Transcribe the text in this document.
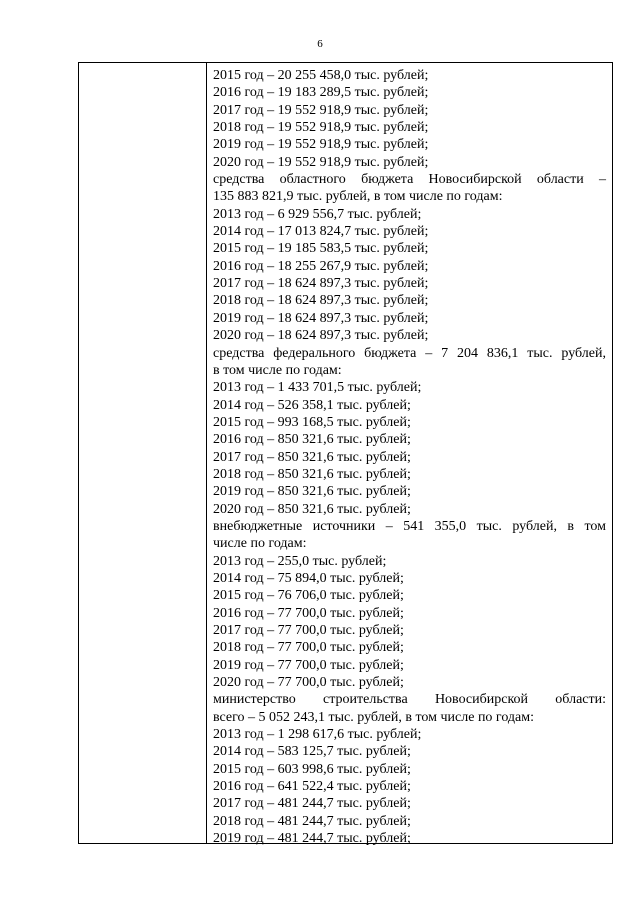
6
2015 год – 20 255 458,0 тыс. рублей;
2016 год – 19 183 289,5 тыс. рублей;
2017 год – 19 552 918,9 тыс. рублей;
2018 год – 19 552 918,9 тыс. рублей;
2019 год – 19 552 918,9 тыс. рублей;
2020 год – 19 552 918,9 тыс. рублей;
средства областного бюджета Новосибирской области –
135 883 821,9 тыс. рублей, в том числе по годам:
2013 год – 6 929 556,7 тыс. рублей;
2014 год – 17 013 824,7 тыс. рублей;
2015 год – 19 185 583,5 тыс. рублей;
2016 год – 18 255 267,9 тыс. рублей;
2017 год – 18 624 897,3 тыс. рублей;
2018 год – 18 624 897,3 тыс. рублей;
2019 год – 18 624 897,3 тыс. рублей;
2020 год – 18 624 897,3 тыс. рублей;
средства федерального бюджета – 7 204 836,1 тыс. рублей,
в том числе по годам:
2013 год – 1 433 701,5 тыс. рублей;
2014 год – 526 358,1 тыс. рублей;
2015 год – 993 168,5 тыс. рублей;
2016 год – 850 321,6 тыс. рублей;
2017 год – 850 321,6 тыс. рублей;
2018 год – 850 321,6 тыс. рублей;
2019 год – 850 321,6 тыс. рублей;
2020 год – 850 321,6 тыс. рублей;
внебюджетные источники – 541 355,0 тыс. рублей, в том
числе по годам:
2013 год – 255,0 тыс. рублей;
2014 год – 75 894,0 тыс. рублей;
2015 год – 76 706,0 тыс. рублей;
2016 год – 77 700,0 тыс. рублей;
2017 год – 77 700,0 тыс. рублей;
2018 год – 77 700,0 тыс. рублей;
2019 год – 77 700,0 тыс. рублей;
2020 год – 77 700,0 тыс. рублей;
министерство строительства Новосибирской области:
всего – 5 052 243,1 тыс. рублей, в том числе по годам:
2013 год – 1 298 617,6 тыс. рублей;
2014 год – 583 125,7 тыс. рублей;
2015 год – 603 998,6 тыс. рублей;
2016 год – 641 522,4 тыс. рублей;
2017 год – 481 244,7 тыс. рублей;
2018 год – 481 244,7 тыс. рублей;
2019 год – 481 244,7 тыс. рублей;
